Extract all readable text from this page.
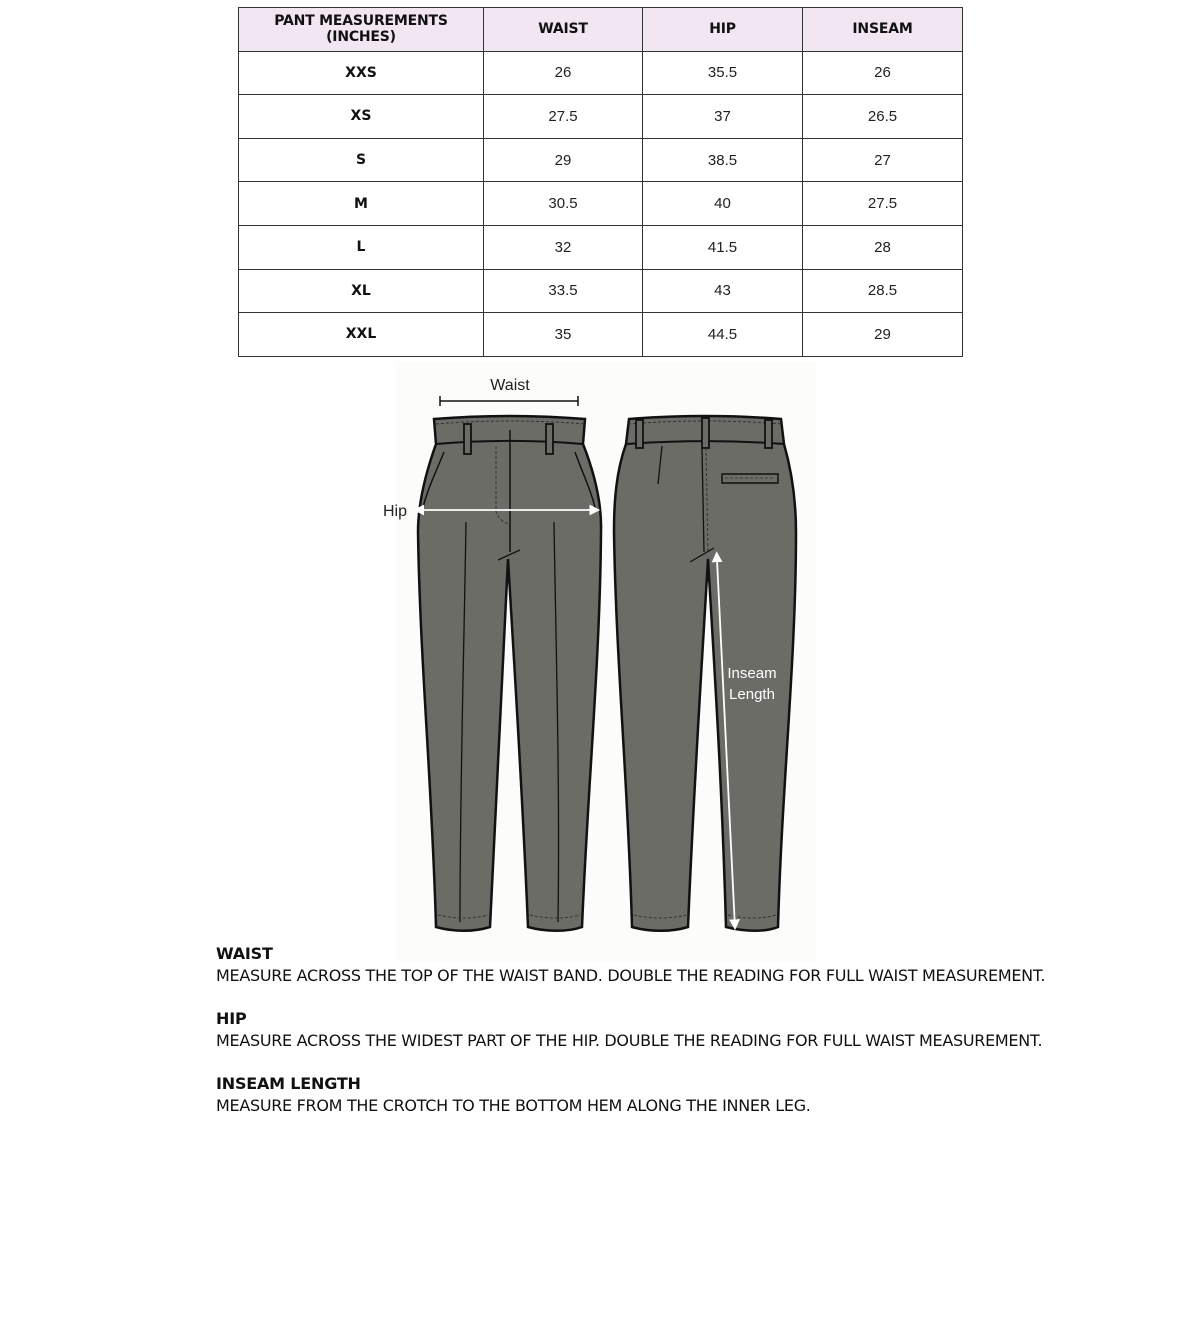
PANT MEASUREMENTS (INCHES)	WAIST	HIP	INSEAM
XXS	26	35.5	26
XS	27.5	37	26.5
S	29	38.5	27
M	30.5	40	27.5
L	32	41.5	28
XL	33.5	43	28.5
XXL	35	44.5	29
Waist
Hip
Inseam
Length
WAIST
MEASURE ACROSS THE TOP OF THE WAIST BAND. DOUBLE THE READING FOR FULL WAIST MEASUREMENT.
HIP
MEASURE ACROSS THE WIDEST PART OF THE HIP. DOUBLE THE READING FOR FULL WAIST MEASUREMENT.
INSEAM LENGTH
MEASURE FROM THE CROTCH TO THE BOTTOM HEM ALONG THE INNER LEG.
